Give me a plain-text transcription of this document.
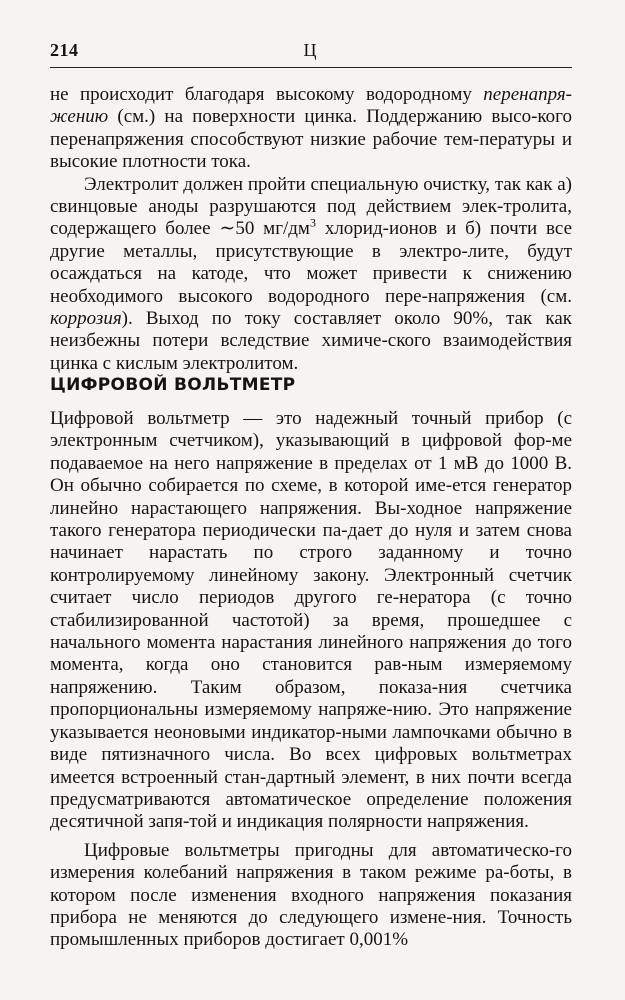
214	Ц

не происходит благодаря высокому водородному перенапря-жению (см.) на поверхности цинка. Поддержанию высо-кого перенапряжения способствуют низкие рабочие тем-пературы и высокие плотности тока.

Электролит должен пройти специальную очистку, так как а) свинцовые аноды разрушаются под действием элек-тролита, содержащего более ∼50 $мг/дм^3$ хлорид-ионов и б) почти все другие металлы, присутствующие в электро-лите, будут осаждаться на катоде, что может привести к снижению необходимого высокого водородного пере-напряжения (см. коррозия). Выход по току составляет около 90%, так как неизбежны потери вследствие химиче-ского взаимодействия цинка с кислым электролитом.

ЦИФРОВОЙ ВОЛЬТМЕТР

Цифровой вольтметр — это надежный точный прибор (с электронным счетчиком), указывающий в цифровой фор-ме подаваемое на него напряжение в пределах от 1 мВ до 1000 В. Он обычно собирается по схеме, в которой име-ется генератор линейно нарастающего напряжения. Вы-ходное напряжение такого генератора периодически па-дает до нуля и затем снова начинает нарастать по строго заданному и точно контролируемому линейному закону. Электронный счетчик считает число периодов другого ге-нератора (с точно стабилизированной частотой) за время, прошедшее с начального момента нарастания линейного напряжения до того момента, когда оно становится рав-ным измеряемому напряжению. Таким образом, показа-ния счетчика пропорциональны измеряемому напряже-нию. Это напряжение указывается неоновыми индикатор-ными лампочками обычно в виде пятизначного числа. Во всех цифровых вольтметрах имеется встроенный стан-дартный элемент, в них почти всегда предусматриваются автоматическое определение положения десятичной запя-той и индикация полярности напряжения.

Цифровые вольтметры пригодны для автоматическо-го измерения колебаний напряжения в таком режиме ра-боты, в котором после изменения входного напряжения показания прибора не меняются до следующего измене-ния. Точность промышленных приборов достигает 0,001%
